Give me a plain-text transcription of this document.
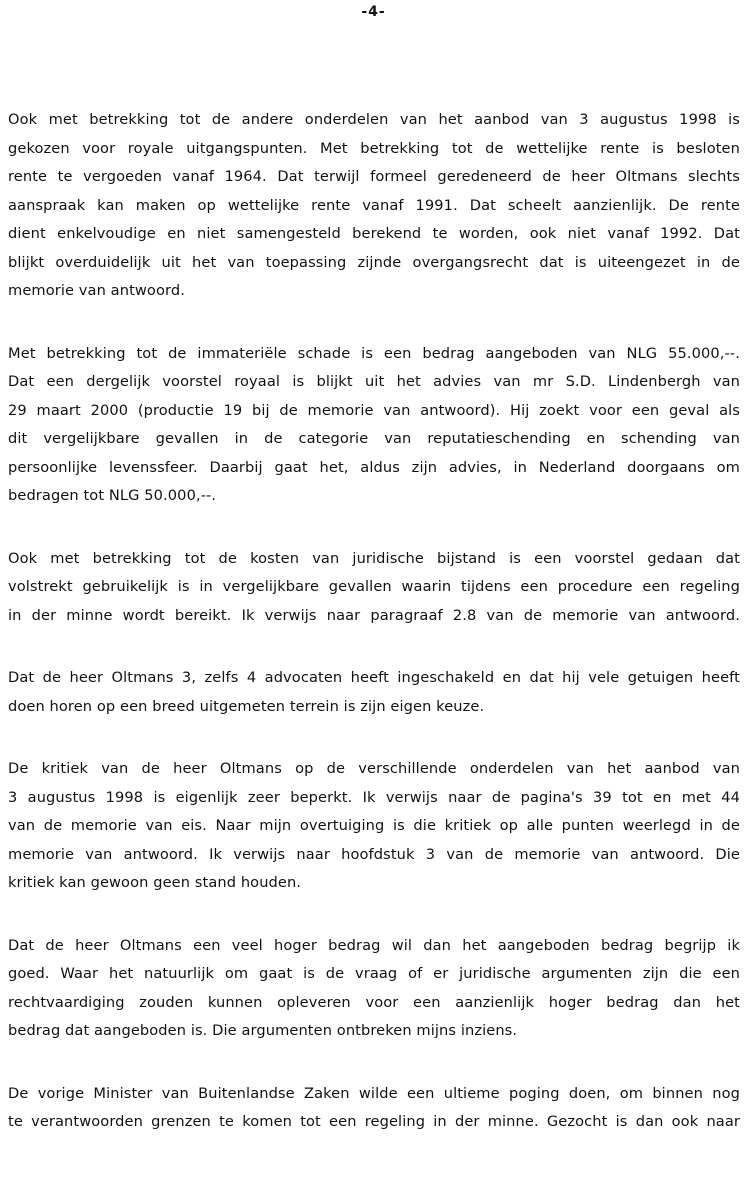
-4-
Ook met betrekking tot de andere onderdelen van het aanbod van 3 augustus 1998 is
gekozen voor royale uitgangspunten. Met betrekking tot de wettelijke rente is besloten
rente te vergoeden vanaf 1964. Dat terwijl formeel geredeneerd de heer Oltmans slechts
aanspraak kan maken op wettelijke rente vanaf 1991. Dat scheelt aanzienlijk. De rente
dient enkelvoudige en niet samengesteld berekend te worden, ook niet vanaf 1992. Dat
blijkt overduidelijk uit het van toepassing zijnde overgangsrecht dat is uiteengezet in de
memorie van antwoord.
Met betrekking tot de immateriële schade is een bedrag aangeboden van NLG 55.000,--.
Dat een dergelijk voorstel royaal is blijkt uit het advies van mr S.D. Lindenbergh van
29 maart 2000 (productie 19 bij de memorie van antwoord). Hij zoekt voor een geval als
dit vergelijkbare gevallen in de categorie van reputatieschending en schending van
persoonlijke levenssfeer. Daarbij gaat het, aldus zijn advies, in Nederland doorgaans om
bedragen tot NLG 50.000,--.
Ook met betrekking tot de kosten van juridische bijstand is een voorstel gedaan dat
volstrekt gebruikelijk is in vergelijkbare gevallen waarin tijdens een procedure een regeling
in der minne wordt bereikt. Ik verwijs naar paragraaf 2.8 van de memorie van antwoord.
Dat de heer Oltmans 3, zelfs 4 advocaten heeft ingeschakeld en dat hij vele getuigen heeft
doen horen op een breed uitgemeten terrein is zijn eigen keuze.
De kritiek van de heer Oltmans op de verschillende onderdelen van het aanbod van
3 augustus 1998 is eigenlijk zeer beperkt. Ik verwijs naar de pagina's 39 tot en met 44
van de memorie van eis. Naar mijn overtuiging is die kritiek op alle punten weerlegd in de
memorie van antwoord. Ik verwijs naar hoofdstuk 3 van de memorie van antwoord. Die
kritiek kan gewoon geen stand houden.
Dat de heer Oltmans een veel hoger bedrag wil dan het aangeboden bedrag begrijp ik
goed. Waar het natuurlijk om gaat is de vraag of er juridische argumenten zijn die een
rechtvaardiging zouden kunnen opleveren voor een aanzienlijk hoger bedrag dan het
bedrag dat aangeboden is. Die argumenten ontbreken mijns inziens.
De vorige Minister van Buitenlandse Zaken wilde een ultieme poging doen, om binnen nog
te verantwoorden grenzen te komen tot een regeling in der minne. Gezocht is dan ook naar
